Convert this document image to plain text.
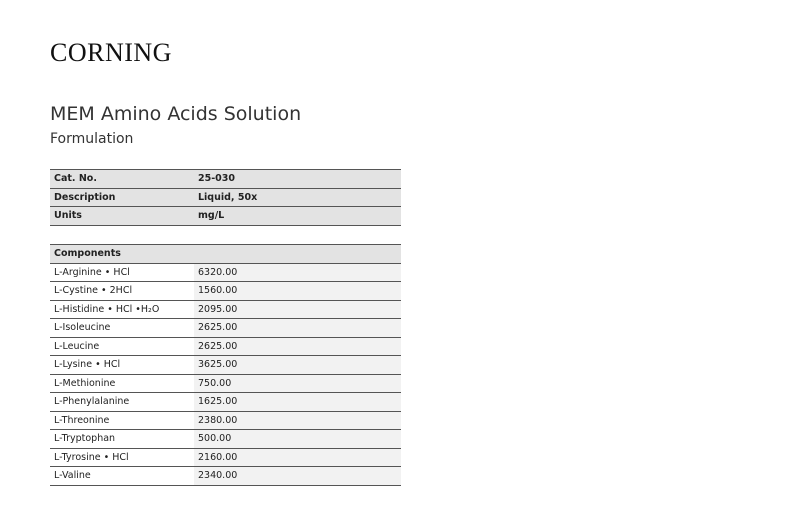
CORNING
MEM Amino Acids Solution
Formulation
Cat. No.	25-030
Description	Liquid, 50x
Units	mg/L
Components	
L-Arginine • HCl	6320.00
L-Cystine • 2HCl	1560.00
L-Histidine • HCl •H₂O	2095.00
L-Isoleucine	2625.00
L-Leucine	2625.00
L-Lysine • HCl	3625.00
L-Methionine	750.00
L-Phenylalanine	1625.00
L-Threonine	2380.00
L-Tryptophan	500.00
L-Tyrosine • HCl	2160.00
L-Valine	2340.00
